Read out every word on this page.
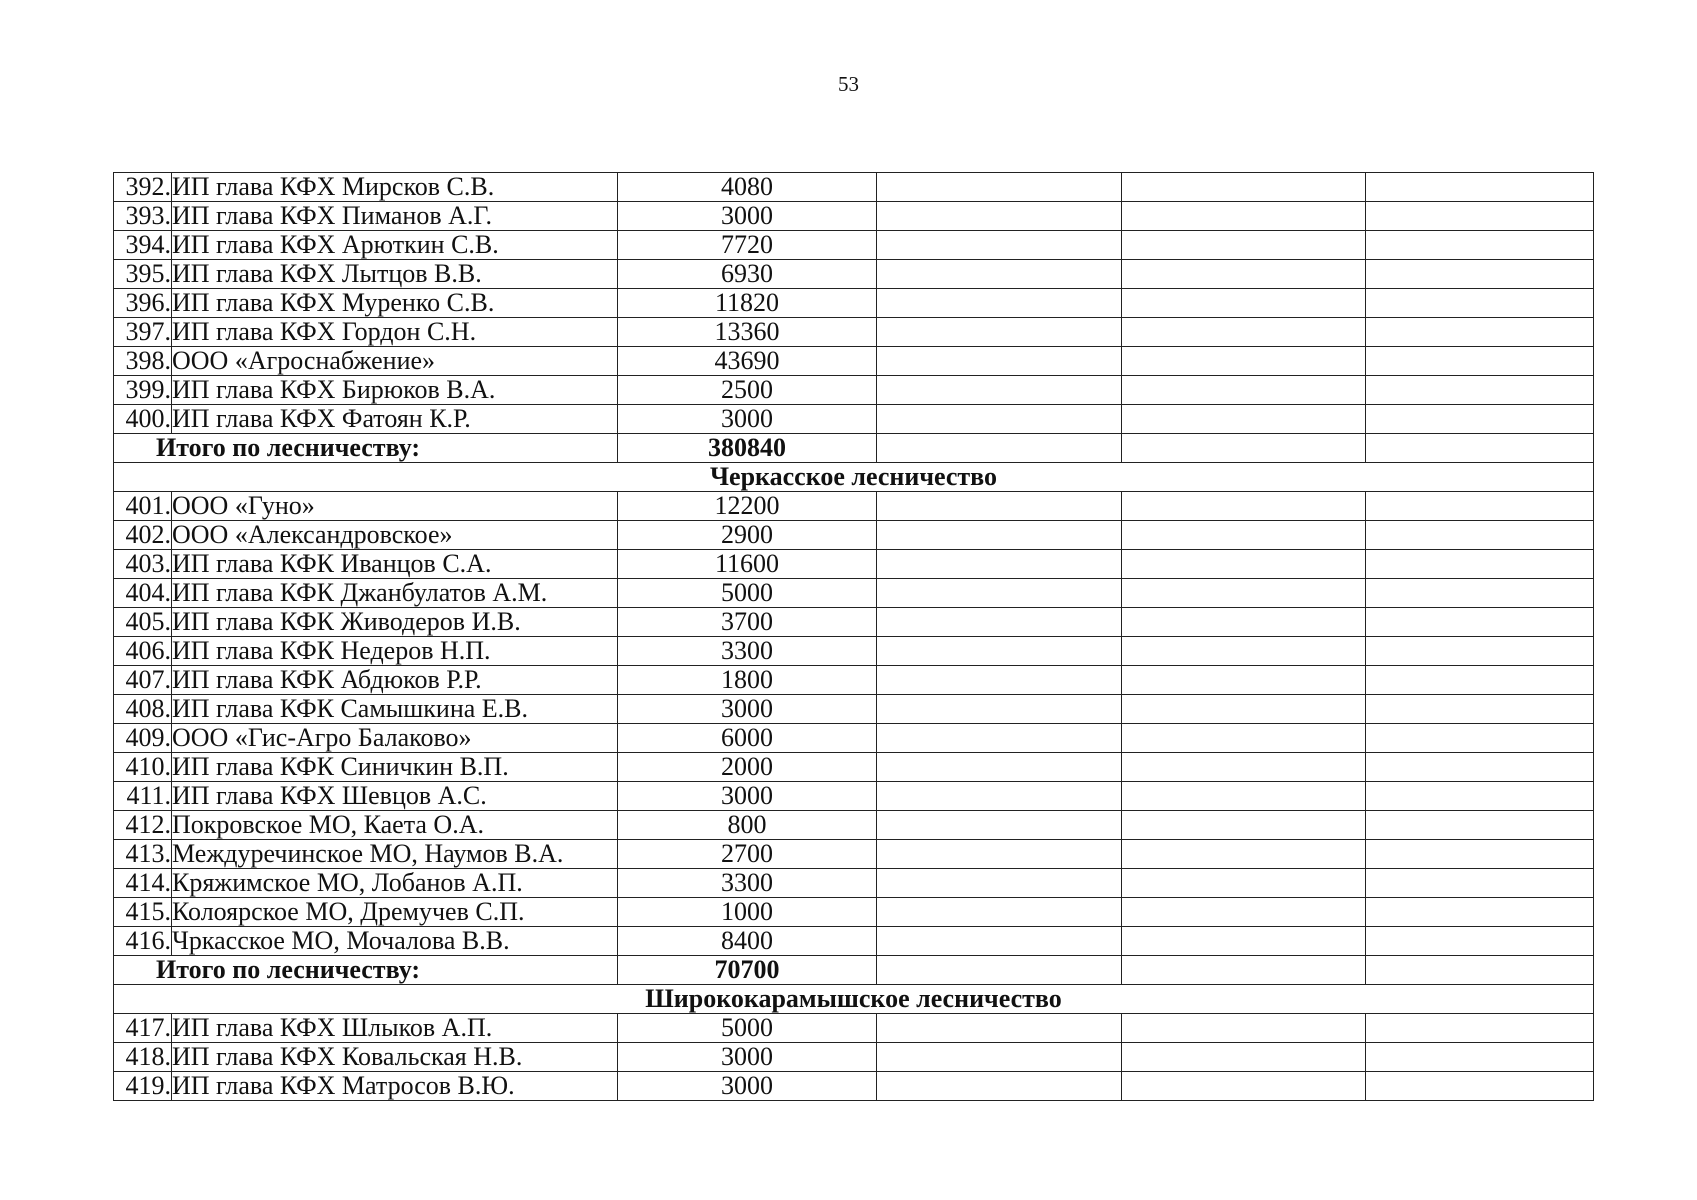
53
392.	ИП глава КФХ Мирсков С.В.	4080			
393.	ИП глава КФХ Пиманов А.Г.	3000			
394.	ИП глава КФХ Арюткин С.В.	7720			
395.	ИП глава КФХ Лытцов В.В.	6930			
396.	ИП глава КФХ Муренко С.В.	11820			
397.	ИП глава КФХ Гордон С.Н.	13360			
398.	ООО «Агроснабжение»	43690			
399.	ИП глава КФХ Бирюков В.А.	2500			
400.	ИП глава КФХ Фатоян К.Р.	3000			
Итого по лесничеству:		380840			
Черкасское лесничество					
401.	ООО «Гуно»	12200			
402.	ООО «Александровское»	2900			
403.	ИП глава КФК Иванцов С.А.	11600			
404.	ИП глава КФК Джанбулатов А.М.	5000			
405.	ИП глава КФК Живодеров И.В.	3700			
406.	ИП глава КФК Недеров Н.П.	3300			
407.	ИП глава КФК Абдюков Р.Р.	1800			
408.	ИП глава КФК Самышкина Е.В.	3000			
409.	ООО «Гис-Агро Балаково»	6000			
410.	ИП глава КФК Синичкин В.П.	2000			
411.	ИП глава КФХ Шевцов А.С.	3000			
412.	Покровское МО, Каета О.А.	800			
413.	Междуречинское МО, Наумов В.А.	2700			
414.	Кряжимское МО, Лобанов А.П.	3300			
415.	Колоярское МО, Дремучев С.П.	1000			
416.	Чркасское МО, Мочалова В.В.	8400			
Итого по лесничеству:		70700			
Ширококарамышское лесничество					
417.	ИП глава КФХ Шлыков А.П.	5000			
418.	ИП глава КФХ Ковальская Н.В.	3000			
419.	ИП глава КФХ Матросов В.Ю.	3000			
